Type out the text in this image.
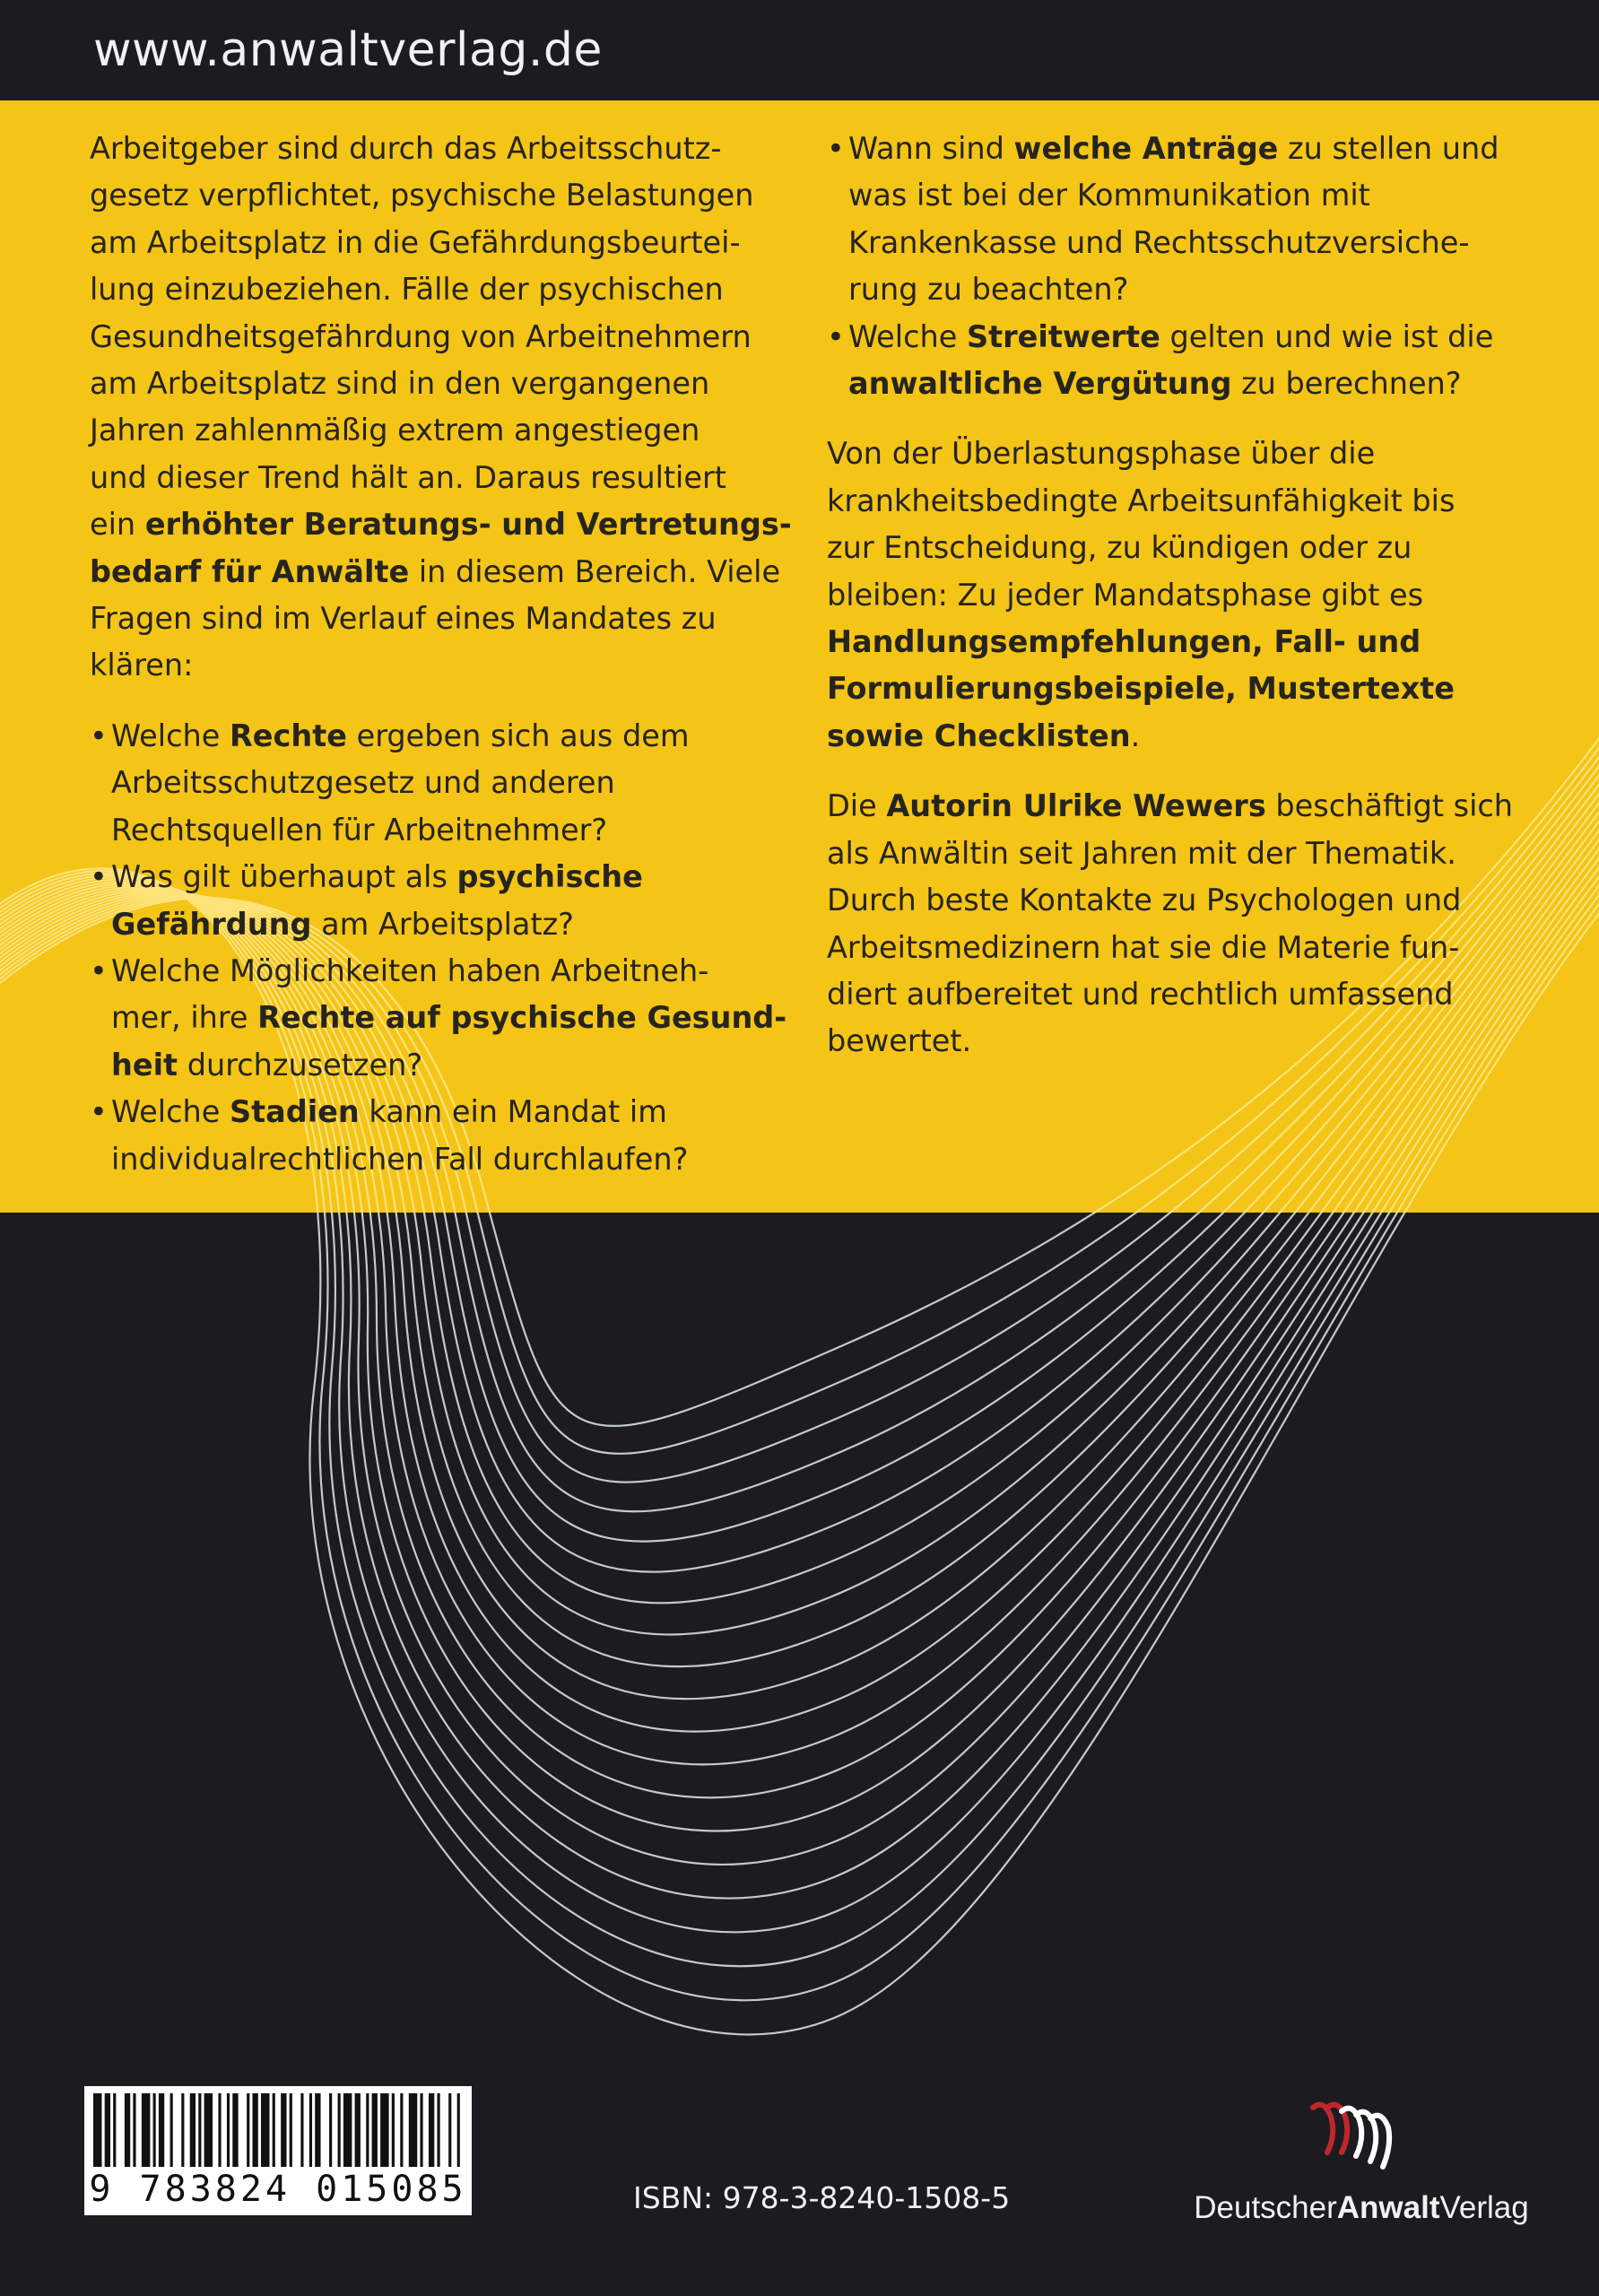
www.anwaltverlag.de

Arbeitgeber sind durch das Arbeitsschutz-

gesetz verpflichtet, psychische Belastungen

am Arbeitsplatz in die Gefährdungsbeurtei-

lung einzubeziehen. Fälle der psychischen

Gesundheitsgefährdung von Arbeitnehmern

am Arbeitsplatz sind in den vergangenen

Jahren zahlenmäßig extrem angestiegen

und dieser Trend hält an. Daraus resultiert

ein erhöhter Beratungs- und Vertretungs-

bedarf für Anwälte in diesem Bereich. Viele

Fragen sind im Verlauf eines Mandates zu

klären:

• Welche Rechte ergeben sich aus dem

Arbeitsschutzgesetz und anderen

Rechtsquellen für Arbeitnehmer?

• Was gilt überhaupt als psychische

Gefährdung am Arbeitsplatz?

• Welche Möglichkeiten haben Arbeitneh-

mer, ihre Rechte auf psychische Gesund-

heit durchzusetzen?

• Welche Stadien kann ein Mandat im

individualrechtlichen Fall durchlaufen?

• Wann sind welche Anträge zu stellen und

was ist bei der Kommunikation mit

Krankenkasse und Rechtsschutzversiche-

rung zu beachten?

• Welche Streitwerte gelten und wie ist die

anwaltliche Vergütung zu berechnen?

Von der Überlastungsphase über die

krankheitsbedingte Arbeitsunfähigkeit bis

zur Entscheidung, zu kündigen oder zu

bleiben: Zu jeder Mandatsphase gibt es

Handlungsempfehlungen, Fall- und

Formulierungsbeispiele, Mustertexte

sowie Checklisten.

Die Autorin Ulrike Wewers beschäftigt sich

als Anwältin seit Jahren mit der Thematik.

Durch beste Kontakte zu Psychologen und

Arbeitsmedizinern hat sie die Materie fun-

diert aufbereitet und rechtlich umfassend

bewertet.

9 783824 015085	ISBN: 978-3-8240-1508-5	DeutscherAnwaltVerlag
